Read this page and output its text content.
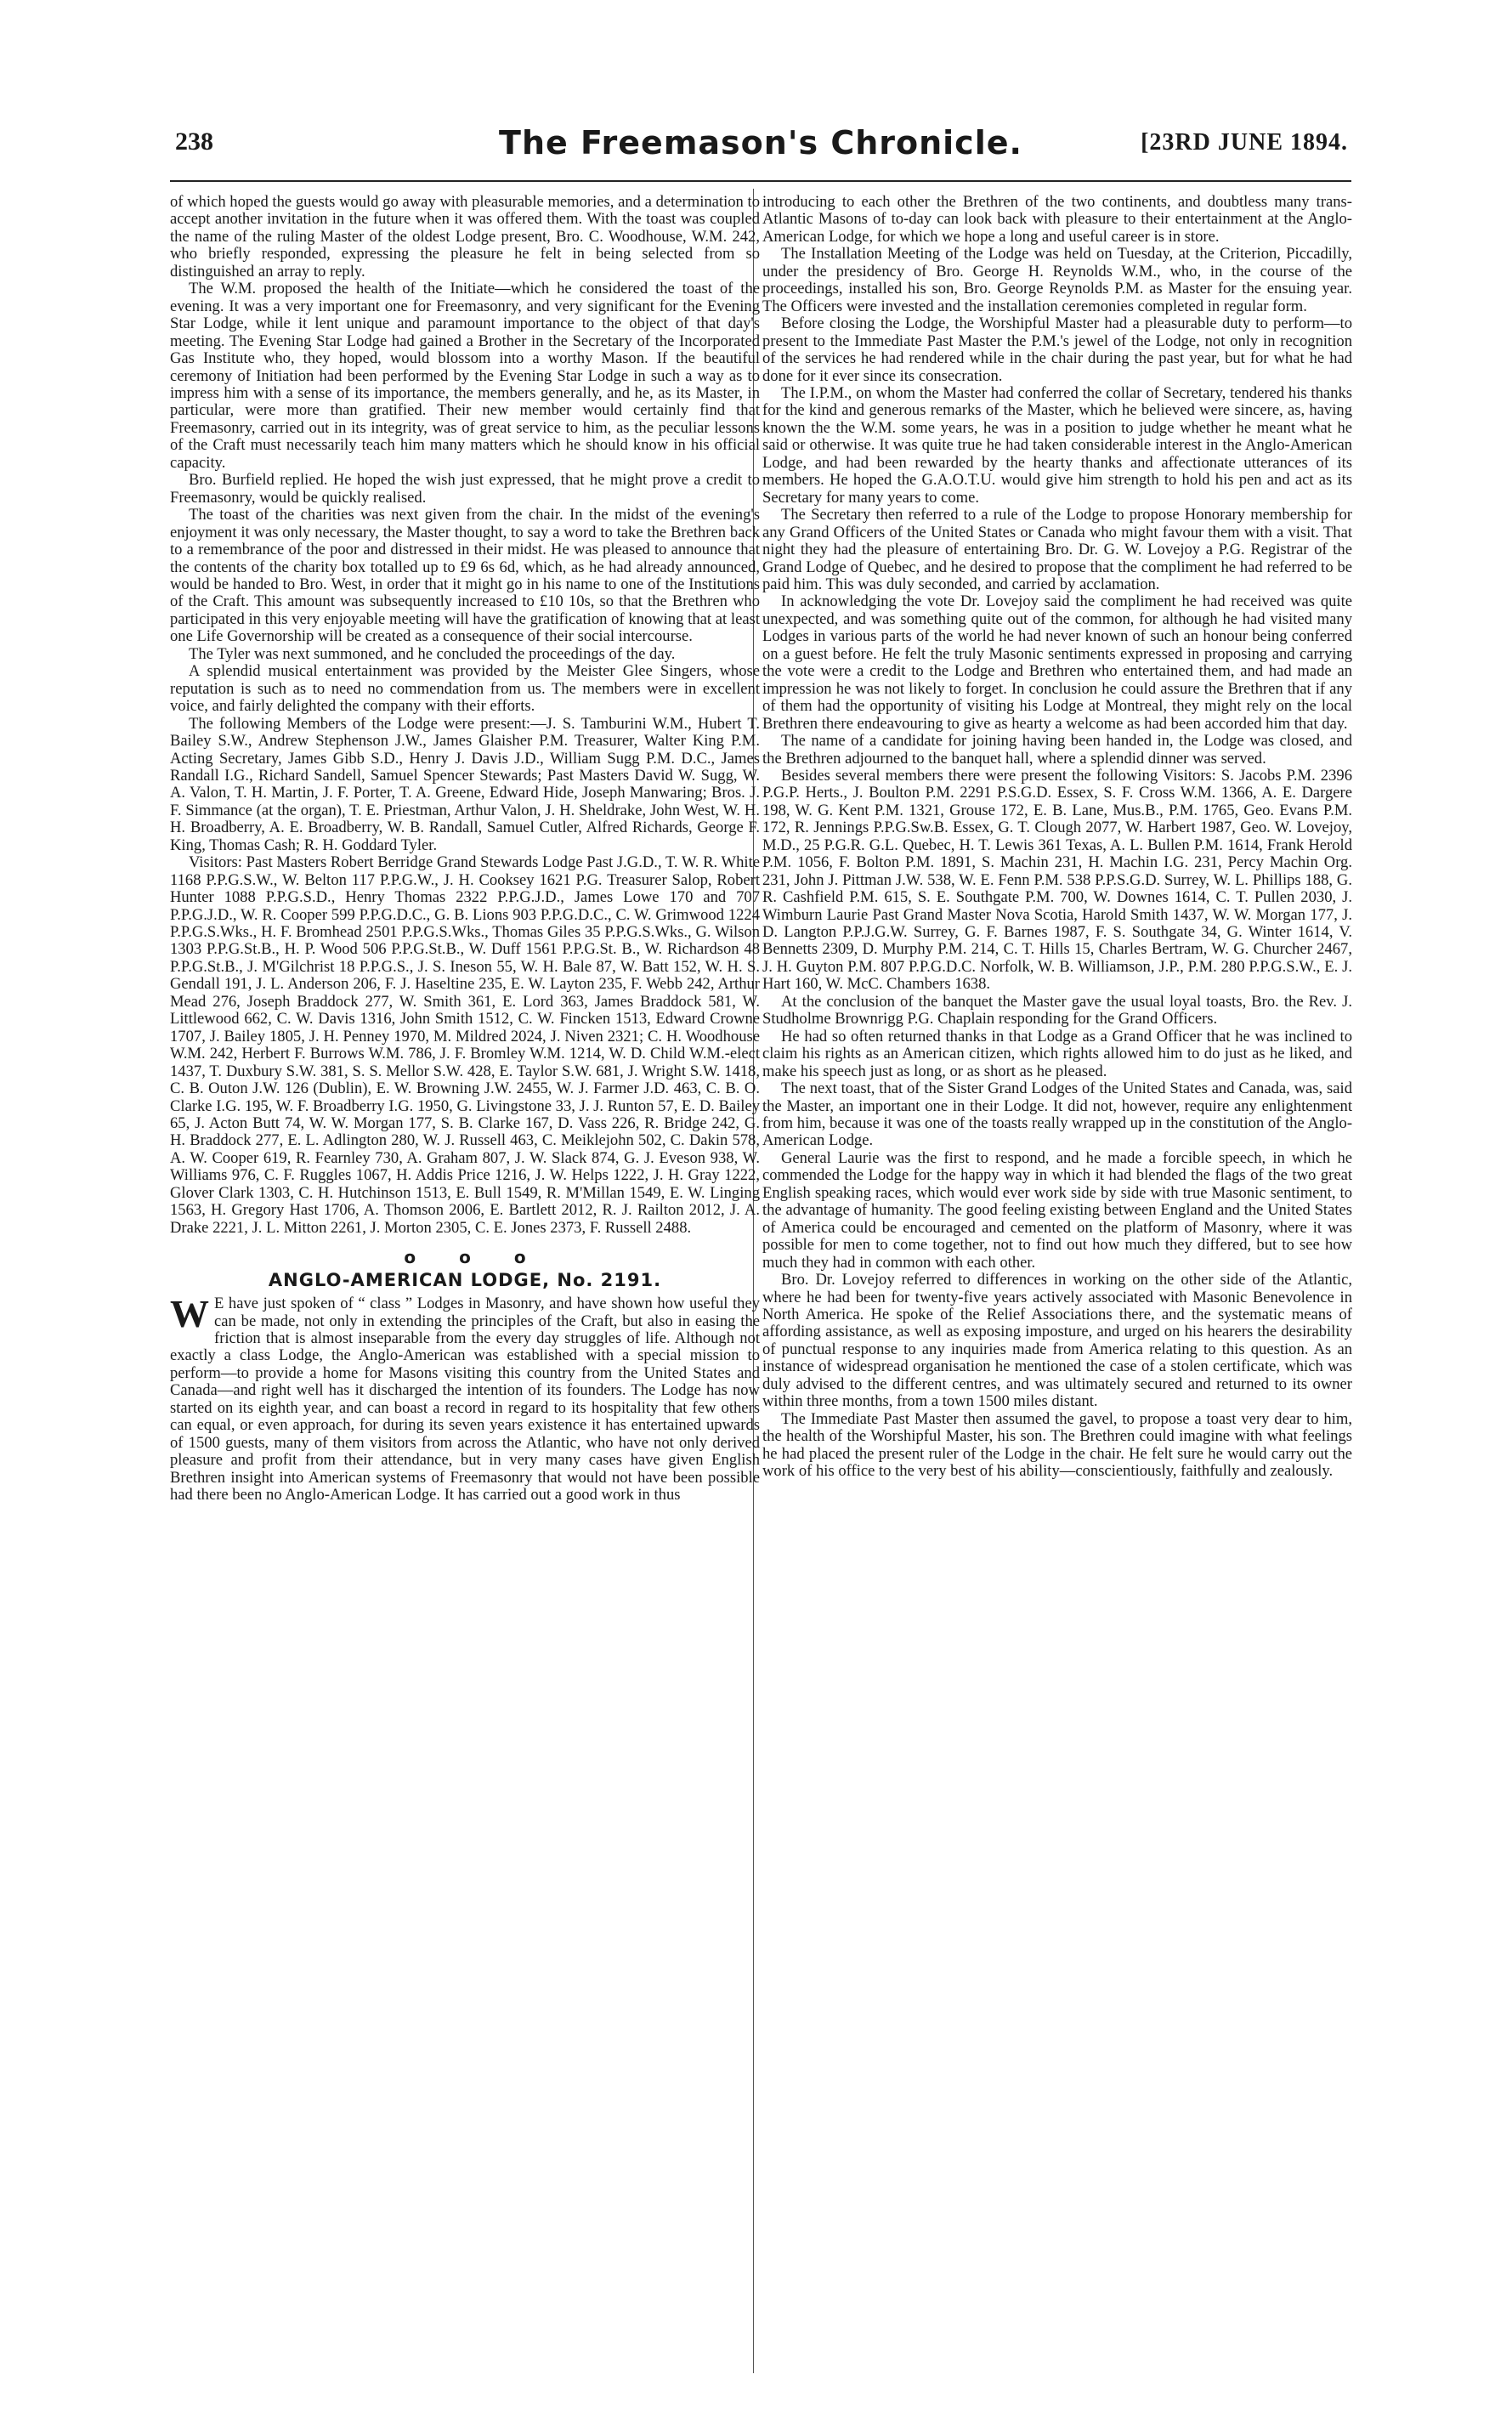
238	The Freemason's Chronicle.	[23RD JUNE 1894.

of which hoped the guests would go away with pleasurable memories, and a determination to accept another invitation in the future when it was offered them. With the toast was coupled the name of the ruling Master of the oldest Lodge present, Bro. C. Woodhouse, W.M. 242, who briefly responded, expressing the pleasure he felt in being selected from so distinguished an array to reply.

The W.M. proposed the health of the Initiate—which he considered the toast of the evening. It was a very important one for Freemasonry, and very significant for the Evening Star Lodge, while it lent unique and paramount importance to the object of that day's meeting. The Evening Star Lodge had gained a Brother in the Secretary of the Incorporated Gas Institute who, they hoped, would blossom into a worthy Mason. If the beautiful ceremony of Initiation had been performed by the Evening Star Lodge in such a way as to impress him with a sense of its importance, the members generally, and he, as its Master, in particular, were more than gratified. Their new member would certainly find that Freemasonry, carried out in its integrity, was of great service to him, as the peculiar lessons of the Craft must necessarily teach him many matters which he should know in his official capacity.

Bro. Burfield replied. He hoped the wish just expressed, that he might prove a credit to Freemasonry, would be quickly realised.

The toast of the charities was next given from the chair. In the midst of the evening's enjoyment it was only necessary, the Master thought, to say a word to take the Brethren back to a remembrance of the poor and distressed in their midst. He was pleased to announce that the contents of the charity box totalled up to £9 6s 6d, which, as he had already announced, would be handed to Bro. West, in order that it might go in his name to one of the Institutions of the Craft. This amount was subsequently increased to £10 10s, so that the Brethren who participated in this very enjoyable meeting will have the gratification of knowing that at least one Life Governorship will be created as a consequence of their social intercourse.

The Tyler was next summoned, and he concluded the proceedings of the day.

A splendid musical entertainment was provided by the Meister Glee Singers, whose reputation is such as to need no commendation from us. The members were in excellent voice, and fairly delighted the company with their efforts.

The following Members of the Lodge were present:—J. S. Tamburini W.M., Hubert T. Bailey S.W., Andrew Stephenson J.W., James Glaisher P.M. Treasurer, Walter King P.M. Acting Secretary, James Gibb S.D., Henry J. Davis J.D., William Sugg P.M. D.C., James Randall I.G., Richard Sandell, Samuel Spencer Stewards; Past Masters David W. Sugg, W. A. Valon, T. H. Martin, J. F. Porter, T. A. Greene, Edward Hide, Joseph Manwaring; Bros. J. F. Simmance (at the organ), T. E. Priestman, Arthur Valon, J. H. Sheldrake, John West, W. H. H. Broadberry, A. E. Broadberry, W. B. Randall, Samuel Cutler, Alfred Richards, George F. King, Thomas Cash; R. H. Goddard Tyler.

Visitors: Past Masters Robert Berridge Grand Stewards Lodge Past J.G.D., T. W. R. White 1168 P.P.G.S.W., W. Belton 117 P.P.G.W., J. H. Cooksey 1621 P.G. Treasurer Salop, Robert Hunter 1088 P.P.G.S.D., Henry Thomas 2322 P.P.G.J.D., James Lowe 170 and 707 P.P.G.J.D., W. R. Cooper 599 P.P.G.D.C., G. B. Lions 903 P.P.G.D.C., C. W. Grimwood 1224 P.P.G.S.Wks., H. F. Bromhead 2501 P.P.G.S.Wks., Thomas Giles 35 P.P.G.S.Wks., G. Wilson 1303 P.P.G.St.B., H. P. Wood 506 P.P.G.St.B., W. Duff 1561 P.P.G.St. B., W. Richardson 48 P.P.G.St.B., J. M'Gilchrist 18 P.P.G.S., J. S. Ineson 55, W. H. Bale 87, W. Batt 152, W. H. S. Gendall 191, J. L. Anderson 206, F. J. Haseltine 235, E. W. Layton 235, F. Webb 242, Arthur Mead 276, Joseph Braddock 277, W. Smith 361, E. Lord 363, James Braddock 581, W. Littlewood 662, C. W. Davis 1316, John Smith 1512, C. W. Fincken 1513, Edward Crowne 1707, J. Bailey 1805, J. H. Penney 1970, M. Mildred 2024, J. Niven 2321; C. H. Woodhouse W.M. 242, Herbert F. Burrows W.M. 786, J. F. Bromley W.M. 1214, W. D. Child W.M.-elect 1437, T. Duxbury S.W. 381, S. S. Mellor S.W. 428, E. Taylor S.W. 681, J. Wright S.W. 1418, C. B. Outon J.W. 126 (Dublin), E. W. Browning J.W. 2455, W. J. Farmer J.D. 463, C. B. O. Clarke I.G. 195, W. F. Broadberry I.G. 1950, G. Livingstone 33, J. J. Runton 57, E. D. Bailey 65, J. Acton Butt 74, W. W. Morgan 177, S. B. Clarke 167, D. Vass 226, R. Bridge 242, G. H. Braddock 277, E. L. Adlington 280, W. J. Russell 463, C. Meiklejohn 502, C. Dakin 578, A. W. Cooper 619, R. Fearnley 730, A. Graham 807, J. W. Slack 874, G. J. Eveson 938, W. Williams 976, C. F. Ruggles 1067, H. Addis Price 1216, J. W. Helps 1222, J. H. Gray 1222, Glover Clark 1303, C. H. Hutchinson 1513, E. Bull 1549, R. M'Millan 1549, E. W. Linging 1563, H. Gregory Hast 1706, A. Thomson 2006, E. Bartlett 2012, R. J. Railton 2012, J. A. Drake 2221, J. L. Mitton 2261, J. Morton 2305, C. E. Jones 2373, F. Russell 2488.

o o o
ANGLO-AMERICAN LODGE, No. 2191.

W E have just spoken of “ class ” Lodges in Masonry, and have shown how useful they can be made, not only in extending the principles of the Craft, but also in easing the friction that is almost inseparable from the every day struggles of life. Although not exactly a class Lodge, the Anglo-American was established with a special mission to perform—to provide a home for Masons visiting this country from the United States and Canada—and right well has it discharged the intention of its founders. The Lodge has now started on its eighth year, and can boast a record in regard to its hospitality that few others can equal, or even approach, for during its seven years existence it has entertained upwards of 1500 guests, many of them visitors from across the Atlantic, who have not only derived pleasure and profit from their attendance, but in very many cases have given English Brethren insight into American systems of Freemasonry that would not have been possible had there been no Anglo-American Lodge. It has carried out a good work in thus

introducing to each other the Brethren of the two continents, and doubtless many trans-Atlantic Masons of to-day can look back with pleasure to their entertainment at the Anglo-American Lodge, for which we hope a long and useful career is in store.

The Installation Meeting of the Lodge was held on Tuesday, at the Criterion, Piccadilly, under the presidency of Bro. George H. Reynolds W.M., who, in the course of the proceedings, installed his son, Bro. George Reynolds P.M. as Master for the ensuing year. The Officers were invested and the installation ceremonies completed in regular form.

Before closing the Lodge, the Worshipful Master had a pleasurable duty to perform—to present to the Immediate Past Master the P.M.'s jewel of the Lodge, not only in recognition of the services he had rendered while in the chair during the past year, but for what he had done for it ever since its consecration.

The I.P.M., on whom the Master had conferred the collar of Secretary, tendered his thanks for the kind and generous remarks of the Master, which he believed were sincere, as, having known the the W.M. some years, he was in a position to judge whether he meant what he said or otherwise. It was quite true he had taken considerable interest in the Anglo-American Lodge, and had been rewarded by the hearty thanks and affectionate utterances of its members. He hoped the G.A.O.T.U. would give him strength to hold his pen and act as its Secretary for many years to come.

The Secretary then referred to a rule of the Lodge to propose Honorary membership for any Grand Officers of the United States or Canada who might favour them with a visit. That night they had the pleasure of entertaining Bro. Dr. G. W. Lovejoy a P.G. Registrar of the Grand Lodge of Quebec, and he desired to propose that the compliment he had referred to be paid him. This was duly seconded, and carried by acclamation.

In acknowledging the vote Dr. Lovejoy said the compliment he had received was quite unexpected, and was something quite out of the common, for although he had visited many Lodges in various parts of the world he had never known of such an honour being conferred on a guest before. He felt the truly Masonic sentiments expressed in proposing and carrying the vote were a credit to the Lodge and Brethren who entertained them, and had made an impression he was not likely to forget. In conclusion he could assure the Brethren that if any of them had the opportunity of visiting his Lodge at Montreal, they might rely on the local Brethren there endeavouring to give as hearty a welcome as had been accorded him that day.

The name of a candidate for joining having been handed in, the Lodge was closed, and the Brethren adjourned to the banquet hall, where a splendid dinner was served.

Besides several members there were present the following Visitors: S. Jacobs P.M. 2396 P.G.P. Herts., J. Boulton P.M. 2291 P.S.G.D. Essex, S. F. Cross W.M. 1366, A. E. Dargere 198, W. G. Kent P.M. 1321, Grouse 172, E. B. Lane, Mus.B., P.M. 1765, Geo. Evans P.M. 172, R. Jennings P.P.G.Sw.B. Essex, G. T. Clough 2077, W. Harbert 1987, Geo. W. Lovejoy, M.D., 25 P.G.R. G.L. Quebec, H. T. Lewis 361 Texas, A. L. Bullen P.M. 1614, Frank Herold P.M. 1056, F. Bolton P.M. 1891, S. Machin 231, H. Machin I.G. 231, Percy Machin Org. 231, John J. Pittman J.W. 538, W. E. Fenn P.M. 538 P.P.S.G.D. Surrey, W. L. Phillips 188, G. R. Cashfield P.M. 615, S. E. Southgate P.M. 700, W. Downes 1614, C. T. Pullen 2030, J. Wimburn Laurie Past Grand Master Nova Scotia, Harold Smith 1437, W. W. Morgan 177, J. D. Langton P.P.J.G.W. Surrey, G. F. Barnes 1987, F. S. Southgate 34, G. Winter 1614, V. Bennetts 2309, D. Murphy P.M. 214, C. T. Hills 15, Charles Bertram, W. G. Churcher 2467, J. H. Guyton P.M. 807 P.P.G.D.C. Norfolk, W. B. Williamson, J.P., P.M. 280 P.P.G.S.W., E. J. Hart 160, W. McC. Chambers 1638.

At the conclusion of the banquet the Master gave the usual loyal toasts, Bro. the Rev. J. Studholme Brownrigg P.G. Chaplain responding for the Grand Officers.

He had so often returned thanks in that Lodge as a Grand Officer that he was inclined to claim his rights as an American citizen, which rights allowed him to do just as he liked, and make his speech just as long, or as short as he pleased.

The next toast, that of the Sister Grand Lodges of the United States and Canada, was, said the Master, an important one in their Lodge. It did not, however, require any enlightenment from him, because it was one of the toasts really wrapped up in the constitution of the Anglo-American Lodge.

General Laurie was the first to respond, and he made a forcible speech, in which he commended the Lodge for the happy way in which it had blended the flags of the two great English speaking races, which would ever work side by side with true Masonic sentiment, to the advantage of humanity. The good feeling existing between England and the United States of America could be encouraged and cemented on the platform of Masonry, where it was possible for men to come together, not to find out how much they differed, but to see how much they had in common with each other.

Bro. Dr. Lovejoy referred to differences in working on the other side of the Atlantic, where he had been for twenty-five years actively associated with Masonic Benevolence in North America. He spoke of the Relief Associations there, and the systematic means of affording assistance, as well as exposing imposture, and urged on his hearers the desirability of punctual response to any inquiries made from America relating to this question. As an instance of widespread organisation he mentioned the case of a stolen certificate, which was duly advised to the different centres, and was ultimately secured and returned to its owner within three months, from a town 1500 miles distant.

The Immediate Past Master then assumed the gavel, to propose a toast very dear to him, the health of the Worshipful Master, his son. The Brethren could imagine with what feelings he had placed the present ruler of the Lodge in the chair. He felt sure he would carry out the work of his office to the very best of his ability—conscientiously, faithfully and zealously.
